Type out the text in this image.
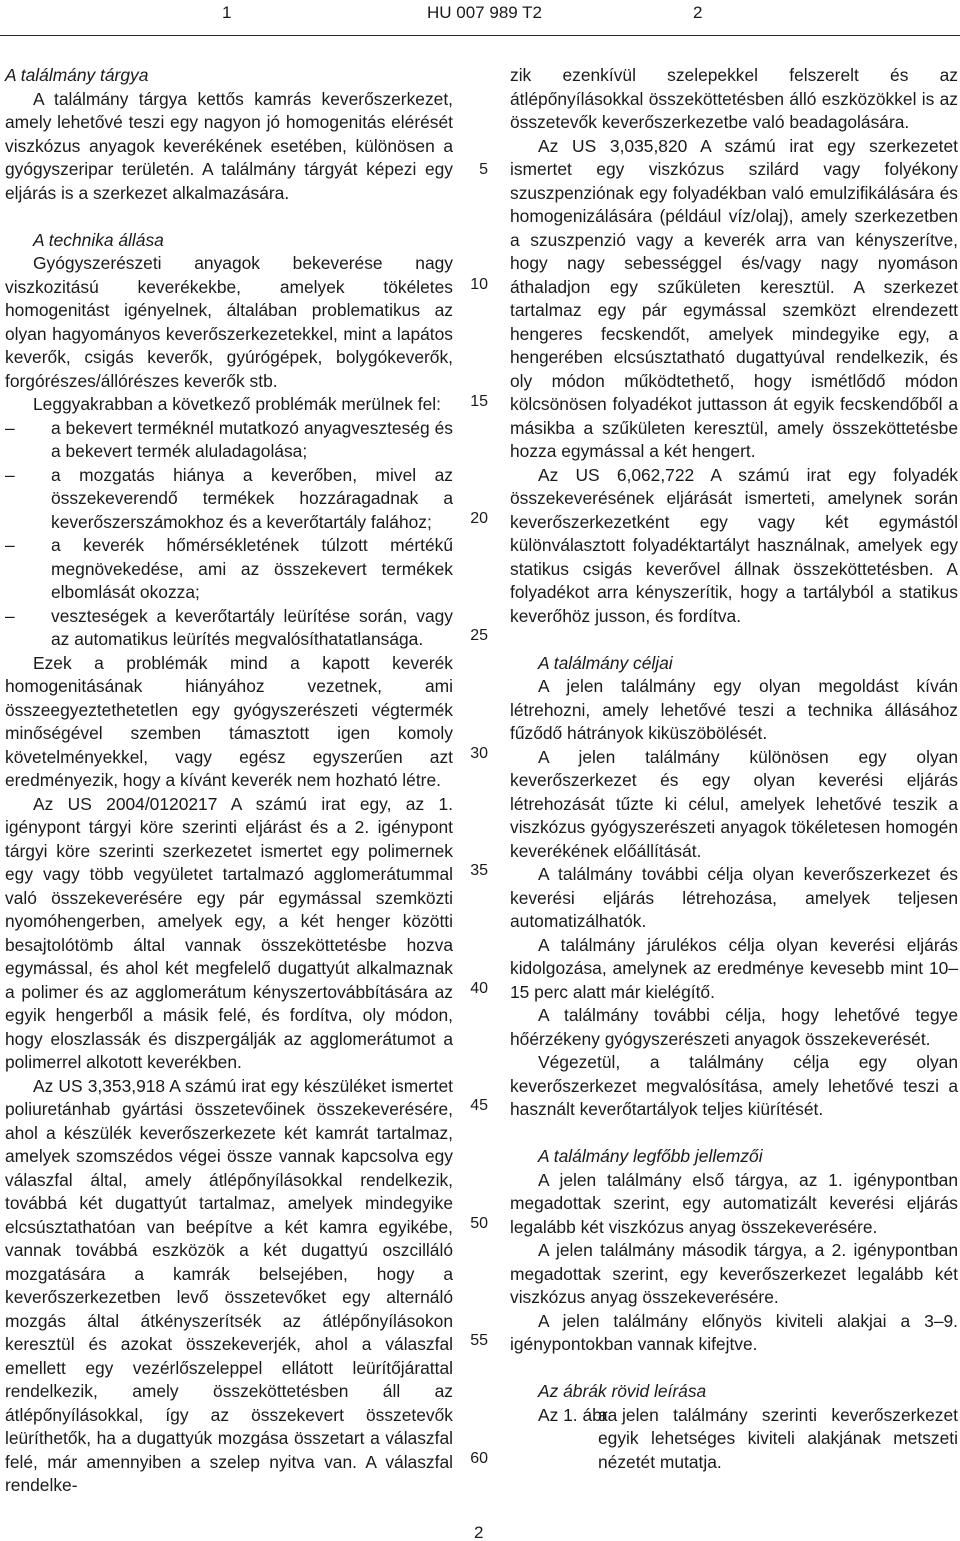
1	HU 007 989 T2	2

A találmány tárgya

A találmány tárgya kettős kamrás keverőszerkezet, amely lehetővé teszi egy nagyon jó homogenitás elérését viszkózus anyagok keverékének esetében, különösen a gyógyszeripar területén. A találmány tárgyát képezi egy eljárás is a szerkezet alkalmazására.

A technika állása

Gyógyszerészeti anyagok bekeverése nagy viszkozitású keverékekbe, amelyek tökéletes homogenitást igényelnek, általában problematikus az olyan hagyományos keverőszerkezetekkel, mint a lapátos keverők, csigás keverők, gyúrógépek, bolygókeverők, forgórészes/állórészes keverők stb.

Leggyakrabban a következő problémák merülnek fel:

– a bekevert terméknél mutatkozó anyagveszteség és a bekevert termék aluladagolása;
– a mozgatás hiánya a keverőben, mivel az összekeverendő termékek hozzáragadnak a keverőszerszámokhoz és a keverőtartály falához;
– a keverék hőmérsékletének túlzott mértékű megnövekedése, ami az összekevert termékek elbomlását okozza;
– veszteségek a keverőtartály leürítése során, vagy az automatikus leürítés megvalósíthatatlansága.

Ezek a problémák mind a kapott keverék homogenitásának hiányához vezetnek, ami összeegyeztethetetlen egy gyógyszerészeti végtermék minőségével szemben támasztott igen komoly követelményekkel, vagy egész egyszerűen azt eredményezik, hogy a kívánt keverék nem hozható létre.

Az US 2004/0120217 A számú irat egy, az 1. igénypont tárgyi köre szerinti eljárást és a 2. igénypont tárgyi köre szerinti szerkezetet ismertet egy polimernek egy vagy több vegyületet tartalmazó agglomerátummal való összekeverésére egy pár egymással szemközti nyomóhengerben, amelyek egy, a két henger közötti besajtolótömb által vannak összeköttetésbe hozva egymással, és ahol két megfelelő dugattyút alkalmaznak a polimer és az agglomerátum kényszertovábbítására az egyik hengerből a másik felé, és fordítva, oly módon, hogy eloszlassák és diszpergálják az agglomerátumot a polimerrel alkotott keverékben.

Az US 3,353,918 A számú irat egy készüléket ismertet poliuretánhab gyártási összetevőinek összekeverésére, ahol a készülék keverőszerkezete két kamrát tartalmaz, amelyek szomszédos végei össze vannak kapcsolva egy válaszfal által, amely átlépőnyílásokkal rendelkezik, továbbá két dugattyút tartalmaz, amelyek mindegyike elcsúsztathatóan van beépítve a két kamra egyikébe, vannak továbbá eszközök a két dugattyú oszcilláló mozgatására a kamrák belsejében, hogy a keverőszerkezetben levő összetevőket egy alternáló mozgás által átkényszerítsék az átlépőnyílásokon keresztül és azokat összekeverjék, ahol a válaszfal emellett egy vezérlőszeleppel ellátott leürítőjárattal rendelkezik, amely összeköttetésben áll az átlépőnyílásokkal, így az összekevert összetevők leüríthetők, ha a dugattyúk mozgása összetart a válaszfal felé, már amennyiben a szelep nyitva van. A válaszfal rendelke-

zik ezenkívül szelepekkel felszerelt és az átlépőnyílásokkal összeköttetésben álló eszközökkel is az összetevők keverőszerkezetbe való beadagolására.

Az US 3,035,820 A számú irat egy szerkezetet ismertet egy viszkózus szilárd vagy folyékony szuszpenziónak egy folyadékban való emulzifikálására és homogenizálására (például víz/olaj), amely szerkezetben a szuszpenzió vagy a keverék arra van kényszerítve, hogy nagy sebességgel és/vagy nagy nyomáson áthaladjon egy szűkületen keresztül. A szerkezet tartalmaz egy pár egymással szemközt elrendezett hengeres fecskendőt, amelyek mindegyike egy, a hengerében elcsúsztatható dugattyúval rendelkezik, és oly módon működtethető, hogy ismétlődő módon kölcsönösen folyadékot juttasson át egyik fecskendőből a másikba a szűkületen keresztül, amely összeköttetésbe hozza egymással a két hengert.

Az US 6,062,722 A számú irat egy folyadék összekeverésének eljárását ismerteti, amelynek során keverőszerkezetként egy vagy két egymástól különválasztott folyadéktartályt használnak, amelyek egy statikus csigás keverővel állnak összeköttetésben. A folyadékot arra kényszerítik, hogy a tartályból a statikus keverőhöz jusson, és fordítva.

A találmány céljai

A jelen találmány egy olyan megoldást kíván létrehozni, amely lehetővé teszi a technika állásához fűződő hátrányok kiküszöbölését.

A jelen találmány különösen egy olyan keverőszerkezet és egy olyan keverési eljárás létrehozását tűzte ki célul, amelyek lehetővé teszik a viszkózus gyógyszerészeti anyagok tökéletesen homogén keverékének előállítását.

A találmány további célja olyan keverőszerkezet és keverési eljárás létrehozása, amelyek teljesen automatizálhatók.

A találmány járulékos célja olyan keverési eljárás kidolgozása, amelynek az eredménye kevesebb mint 10–15 perc alatt már kielégítő.

A találmány további célja, hogy lehetővé tegye hőérzékeny gyógyszerészeti anyagok összekeverését.

Végezetül, a találmány célja egy olyan keverőszerkezet megvalósítása, amely lehetővé teszi a használt keverőtartályok teljes kiürítését.

A találmány legfőbb jellemzői

A jelen találmány első tárgya, az 1. igénypontban megadottak szerint, egy automatizált keverési eljárás legalább két viszkózus anyag összekeverésére.

A jelen találmány második tárgya, a 2. igénypontban megadottak szerint, egy keverőszerkezet legalább két viszkózus anyag összekeverésére.

A jelen találmány előnyös kiviteli alakjai a 3–9. igénypontokban vannak kifejtve.

Az ábrák rövid leírása

Az 1. ábra
a jelen találmány szerinti keverőszerkezet egyik lehetséges kiviteli alakjának metszeti nézetét mutatja.
5
10
15
20
25
30
35
40
45
50
55
60
2
